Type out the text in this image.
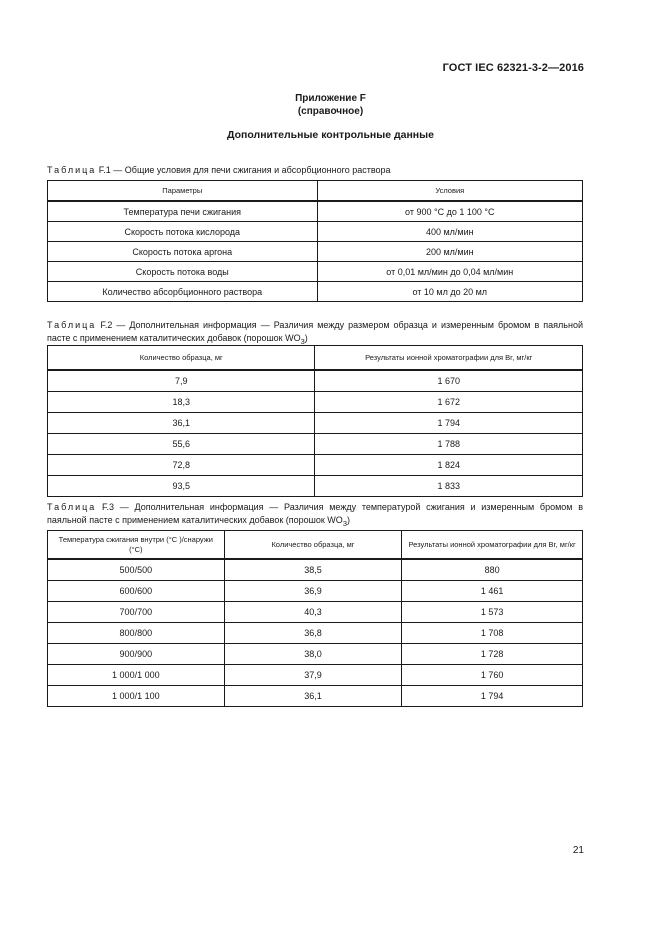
ГОСТ IEC 62321-3-2—2016
Приложение F
(справочное)
Дополнительные контрольные данные
Таблица F.1 — Общие условия для печи сжигания и абсорбционного раствора
Параметры	Условия
Температура печи сжигания	от 900 °C до 1 100 °C
Скорость потока кислорода	400 мл/мин
Скорость потока аргона	200 мл/мин
Скорость потока воды	от 0,01 мл/мин до 0,04 мл/мин
Количество абсорбционного раствора	от 10 мл до 20 мл
Таблица F.2 — Дополнительная информация — Различия между размером образца и измеренным бромом в паяльной пасте с применением каталитических добавок (порошок $WO_3$)
Количество образца, мг	Результаты ионной хроматографии для Br, мг/кг
7,9	1 670
18,3	1 672
36,1	1 794
55,6	1 788
72,8	1 824
93,5	1 833
Таблица F.3 — Дополнительная информация — Различия между температурой сжигания и измеренным бромом в паяльной пасте с применением каталитических добавок (порошок $WO_3$)
Температура сжигания внутри (°C )/снаружи (°C)	Количество образца, мг	Результаты ионной хроматографии для Br, мг/кг
500/500	38,5	880
600/600	36,9	1 461
700/700	40,3	1 573
800/800	36,8	1 708
900/900	38,0	1 728
1 000/1 000	37,9	1 760
1 000/1 100	36,1	1 794
21
